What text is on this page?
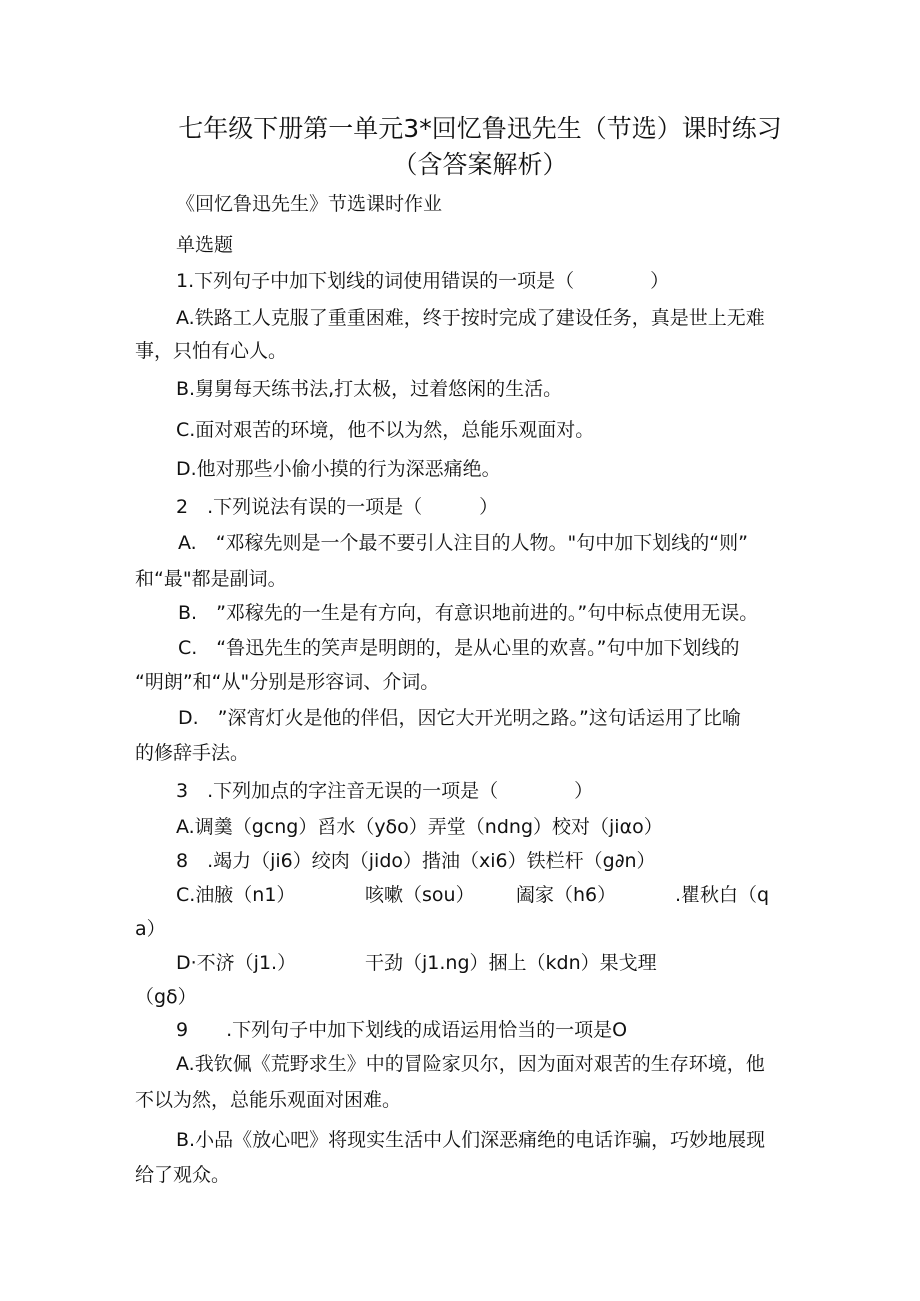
七年级下册第一单元3*回忆鲁迅先生（节选）课时练习
（含答案解析）
《回忆鲁迅先生》节选课时作业
单选题
1.下列句子中加下划线的词使用错误的一项是（　　　　）
A.铁路工人克服了重重困难，终于按时完成了建设任务，真是世上无难
事，只怕有心人。
B.舅舅每天练书法,打太极，过着悠闲的生活。
C.面对艰苦的环境，他不以为然，总能乐观面对。
D.他对那些小偷小摸的行为深恶痛绝。
2　.下列说法有误的一项是（　　　）
A.　“邓稼先则是一个最不要引人注目的人物。"句中加下划线的“则”
和“最"都是副词。
B.　”邓稼先的一生是有方向，有意识地前进的。”句中标点使用无误。
C.　“鲁迅先生的笑声是明朗的，是从心里的欢喜。”句中加下划线的
“明朗”和“从"分别是形容词、介词。
D.　”深宵灯火是他的伴侣，因它大开光明之路。”这句话运用了比喻
的修辞手法。
3　.下列加点的字注音无误的一项是（　　　　）
A.调羹（gcng）舀水（yδo）弄堂（ndng）校对（jiαo）
8　.竭力（ji6）绞肉（jido）揩油（xi6）铁栏杆（g∂n）
C.油腋（n1）	咳嗽（sou） 阖家（h6）	.瞿秋白（q
a）
D·不济（j1.）	干劲（j1.ng）捆上（kdn）果戈理
（gδ）
9　　.下列句子中加下划线的成语运用恰当的一项是O
A.我钦佩《荒野求生》中的冒险家贝尔，因为面对艰苦的生存环境，他
不以为然，总能乐观面对困难。
B.小品《放心吧》将现实生活中人们深恶痛绝的电话诈骗，巧妙地展现
给了观众。
